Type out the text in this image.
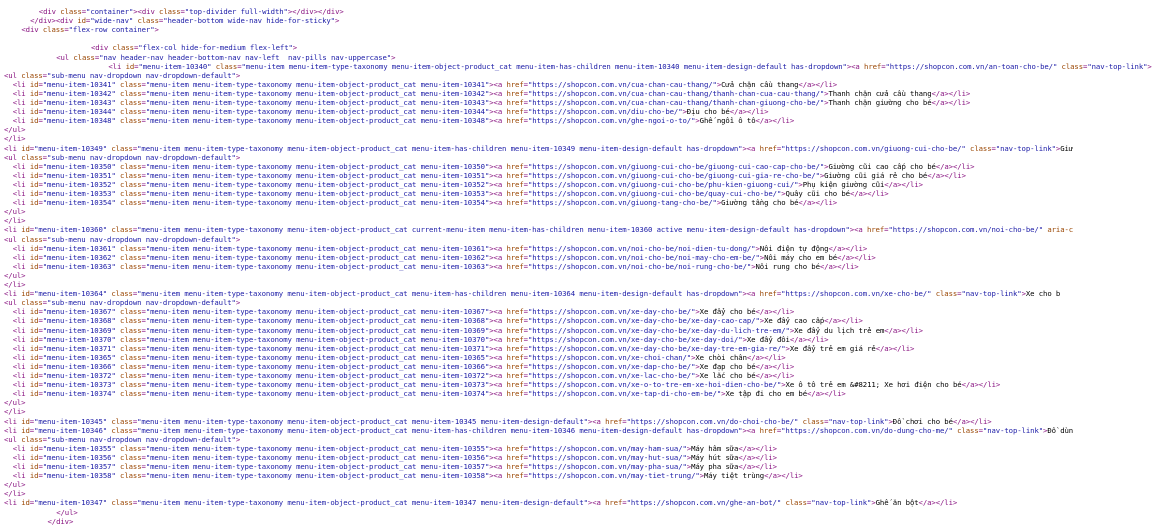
<div class="container"><div class="top-divider full-width"></div></div>
</div><div id="wide-nav" class="header-bottom wide-nav hide-for-sticky">
<div class="flex-row container">
<div class="flex-col hide-for-medium flex-left">
<ul class="nav header-nav header-bottom-nav nav-left  nav-pills nav-uppercase">
<li id="menu-item-10340" class="menu-item menu-item-type-taxonomy menu-item-object-product_cat menu-item-has-children menu-item-10340 menu-item-design-default has-dropdown"><a href="https://shopcon.com.vn/an-toan-cho-be/" class="nav-top-link">
<ul class="sub-menu nav-dropdown nav-dropdown-default">
<li id="menu-item-10341" class="menu-item menu-item-type-taxonomy menu-item-object-product_cat menu-item-10341"><a href="https://shopcon.com.vn/cua-chan-cau-thang/">Cửa chặn cầu thang</a></li>
<li id="menu-item-10342" class="menu-item menu-item-type-taxonomy menu-item-object-product_cat menu-item-10342"><a href="https://shopcon.com.vn/cua-chan-cau-thang/thanh-chan-cua-cau-thang/">Thanh chặn cửa cầu thang</a></li>
<li id="menu-item-10343" class="menu-item menu-item-type-taxonomy menu-item-object-product_cat menu-item-10343"><a href="https://shopcon.com.vn/cua-chan-cau-thang/thanh-chan-giuong-cho-be/">Thanh chặn giường cho bé</a></li>
<li id="menu-item-10344" class="menu-item menu-item-type-taxonomy menu-item-object-product_cat menu-item-10344"><a href="https://shopcon.com.vn/diu-cho-be/">Địu cho bé</a></li>
<li id="menu-item-10348" class="menu-item menu-item-type-taxonomy menu-item-object-product_cat menu-item-10348"><a href="https://shopcon.com.vn/ghe-ngoi-o-to/">Ghế ngồi ô tô</a></li>
</ul>
</li>
<li id="menu-item-10349" class="menu-item menu-item-type-taxonomy menu-item-object-product_cat menu-item-has-children menu-item-10349 menu-item-design-default has-dropdown"><a href="https://shopcon.com.vn/giuong-cui-cho-be/" class="nav-top-link">Giư
<ul class="sub-menu nav-dropdown nav-dropdown-default">
<li id="menu-item-10350" class="menu-item menu-item-type-taxonomy menu-item-object-product_cat menu-item-10350"><a href="https://shopcon.com.vn/giuong-cui-cho-be/giuong-cui-cao-cap-cho-be/">Giường cũi cao cấp cho bé</a></li>
<li id="menu-item-10351" class="menu-item menu-item-type-taxonomy menu-item-object-product_cat menu-item-10351"><a href="https://shopcon.com.vn/giuong-cui-cho-be/giuong-cui-gia-re-cho-be/">Giường cũi giá rẻ cho bé</a></li>
<li id="menu-item-10352" class="menu-item menu-item-type-taxonomy menu-item-object-product_cat menu-item-10352"><a href="https://shopcon.com.vn/giuong-cui-cho-be/phu-kien-giuong-cui/">Phụ kiện giường cũi</a></li>
<li id="menu-item-10353" class="menu-item menu-item-type-taxonomy menu-item-object-product_cat menu-item-10353"><a href="https://shopcon.com.vn/giuong-cui-cho-be/quay-cui-cho-be/">Quây cũi cho bé</a></li>
<li id="menu-item-10354" class="menu-item menu-item-type-taxonomy menu-item-object-product_cat menu-item-10354"><a href="https://shopcon.com.vn/giuong-tang-cho-be/">Giường tầng cho bé</a></li>
</ul>
</li>
<li id="menu-item-10360" class="menu-item menu-item-type-taxonomy menu-item-object-product_cat current-menu-item menu-item-has-children menu-item-10360 active menu-item-design-default has-dropdown"><a href="https://shopcon.com.vn/noi-cho-be/" aria-c
<ul class="sub-menu nav-dropdown nav-dropdown-default">
<li id="menu-item-10361" class="menu-item menu-item-type-taxonomy menu-item-object-product_cat menu-item-10361"><a href="https://shopcon.com.vn/noi-cho-be/noi-dien-tu-dong/">Nôi điện tự động</a></li>
<li id="menu-item-10362" class="menu-item menu-item-type-taxonomy menu-item-object-product_cat menu-item-10362"><a href="https://shopcon.com.vn/noi-cho-be/noi-may-cho-em-be/">Nôi máy cho em bé</a></li>
<li id="menu-item-10363" class="menu-item menu-item-type-taxonomy menu-item-object-product_cat menu-item-10363"><a href="https://shopcon.com.vn/noi-cho-be/noi-rung-cho-be/">Nôi rung cho bé</a></li>
</ul>
</li>
<li id="menu-item-10364" class="menu-item menu-item-type-taxonomy menu-item-object-product_cat menu-item-has-children menu-item-10364 menu-item-design-default has-dropdown"><a href="https://shopcon.com.vn/xe-cho-be/" class="nav-top-link">Xe cho b
<ul class="sub-menu nav-dropdown nav-dropdown-default">
<li id="menu-item-10367" class="menu-item menu-item-type-taxonomy menu-item-object-product_cat menu-item-10367"><a href="https://shopcon.com.vn/xe-day-cho-be/">Xe đẩy cho bé</a></li>
<li id="menu-item-10368" class="menu-item menu-item-type-taxonomy menu-item-object-product_cat menu-item-10368"><a href="https://shopcon.com.vn/xe-day-cho-be/xe-day-cao-cap/">Xe đẩy cao cấp</a></li>
<li id="menu-item-10369" class="menu-item menu-item-type-taxonomy menu-item-object-product_cat menu-item-10369"><a href="https://shopcon.com.vn/xe-day-cho-be/xe-day-du-lich-tre-em/">Xe đẩy du lịch trẻ em</a></li>
<li id="menu-item-10370" class="menu-item menu-item-type-taxonomy menu-item-object-product_cat menu-item-10370"><a href="https://shopcon.com.vn/xe-day-cho-be/xe-day-doi/">Xe đẩy đôi</a></li>
<li id="menu-item-10371" class="menu-item menu-item-type-taxonomy menu-item-object-product_cat menu-item-10371"><a href="https://shopcon.com.vn/xe-day-cho-be/xe-day-tre-em-gia-re/">Xe đẩy trẻ em giá rẻ</a></li>
<li id="menu-item-10365" class="menu-item menu-item-type-taxonomy menu-item-object-product_cat menu-item-10365"><a href="https://shopcon.com.vn/xe-choi-chan/">Xe chòi chân</a></li>
<li id="menu-item-10366" class="menu-item menu-item-type-taxonomy menu-item-object-product_cat menu-item-10366"><a href="https://shopcon.com.vn/xe-dap-cho-be/">Xe đạp cho bé</a></li>
<li id="menu-item-10372" class="menu-item menu-item-type-taxonomy menu-item-object-product_cat menu-item-10372"><a href="https://shopcon.com.vn/xe-lac-cho-be/">Xe lắc cho bé</a></li>
<li id="menu-item-10373" class="menu-item menu-item-type-taxonomy menu-item-object-product_cat menu-item-10373"><a href="https://shopcon.com.vn/xe-o-to-tre-em-xe-hoi-dien-cho-be/">Xe ô tô trẻ em &#8211; Xe hơi điện cho bé</a></li>
<li id="menu-item-10374" class="menu-item menu-item-type-taxonomy menu-item-object-product_cat menu-item-10374"><a href="https://shopcon.com.vn/xe-tap-di-cho-em-be/">Xe tập đi cho em bé</a></li>
</ul>
</li>
<li id="menu-item-10345" class="menu-item menu-item-type-taxonomy menu-item-object-product_cat menu-item-10345 menu-item-design-default"><a href="https://shopcon.com.vn/do-choi-cho-be/" class="nav-top-link">Đồ chơi cho bé</a></li>
<li id="menu-item-10346" class="menu-item menu-item-type-taxonomy menu-item-object-product_cat menu-item-has-children menu-item-10346 menu-item-design-default has-dropdown"><a href="https://shopcon.com.vn/do-dung-cho-me/" class="nav-top-link">Đồ dùn
<ul class="sub-menu nav-dropdown nav-dropdown-default">
<li id="menu-item-10355" class="menu-item menu-item-type-taxonomy menu-item-object-product_cat menu-item-10355"><a href="https://shopcon.com.vn/may-ham-sua/">Máy hâm sữa</a></li>
<li id="menu-item-10356" class="menu-item menu-item-type-taxonomy menu-item-object-product_cat menu-item-10356"><a href="https://shopcon.com.vn/may-hut-sua/">Máy hút sữa</a></li>
<li id="menu-item-10357" class="menu-item menu-item-type-taxonomy menu-item-object-product_cat menu-item-10357"><a href="https://shopcon.com.vn/may-pha-sua/">Máy pha sữa</a></li>
<li id="menu-item-10358" class="menu-item menu-item-type-taxonomy menu-item-object-product_cat menu-item-10358"><a href="https://shopcon.com.vn/may-tiet-trung/">Máy tiệt trùng</a></li>
</ul>
</li>
<li id="menu-item-10347" class="menu-item menu-item-type-taxonomy menu-item-object-product_cat menu-item-10347 menu-item-design-default"><a href="https://shopcon.com.vn/ghe-an-bot/" class="nav-top-link">Ghế ăn bột</a></li>
</ul>
</div>
